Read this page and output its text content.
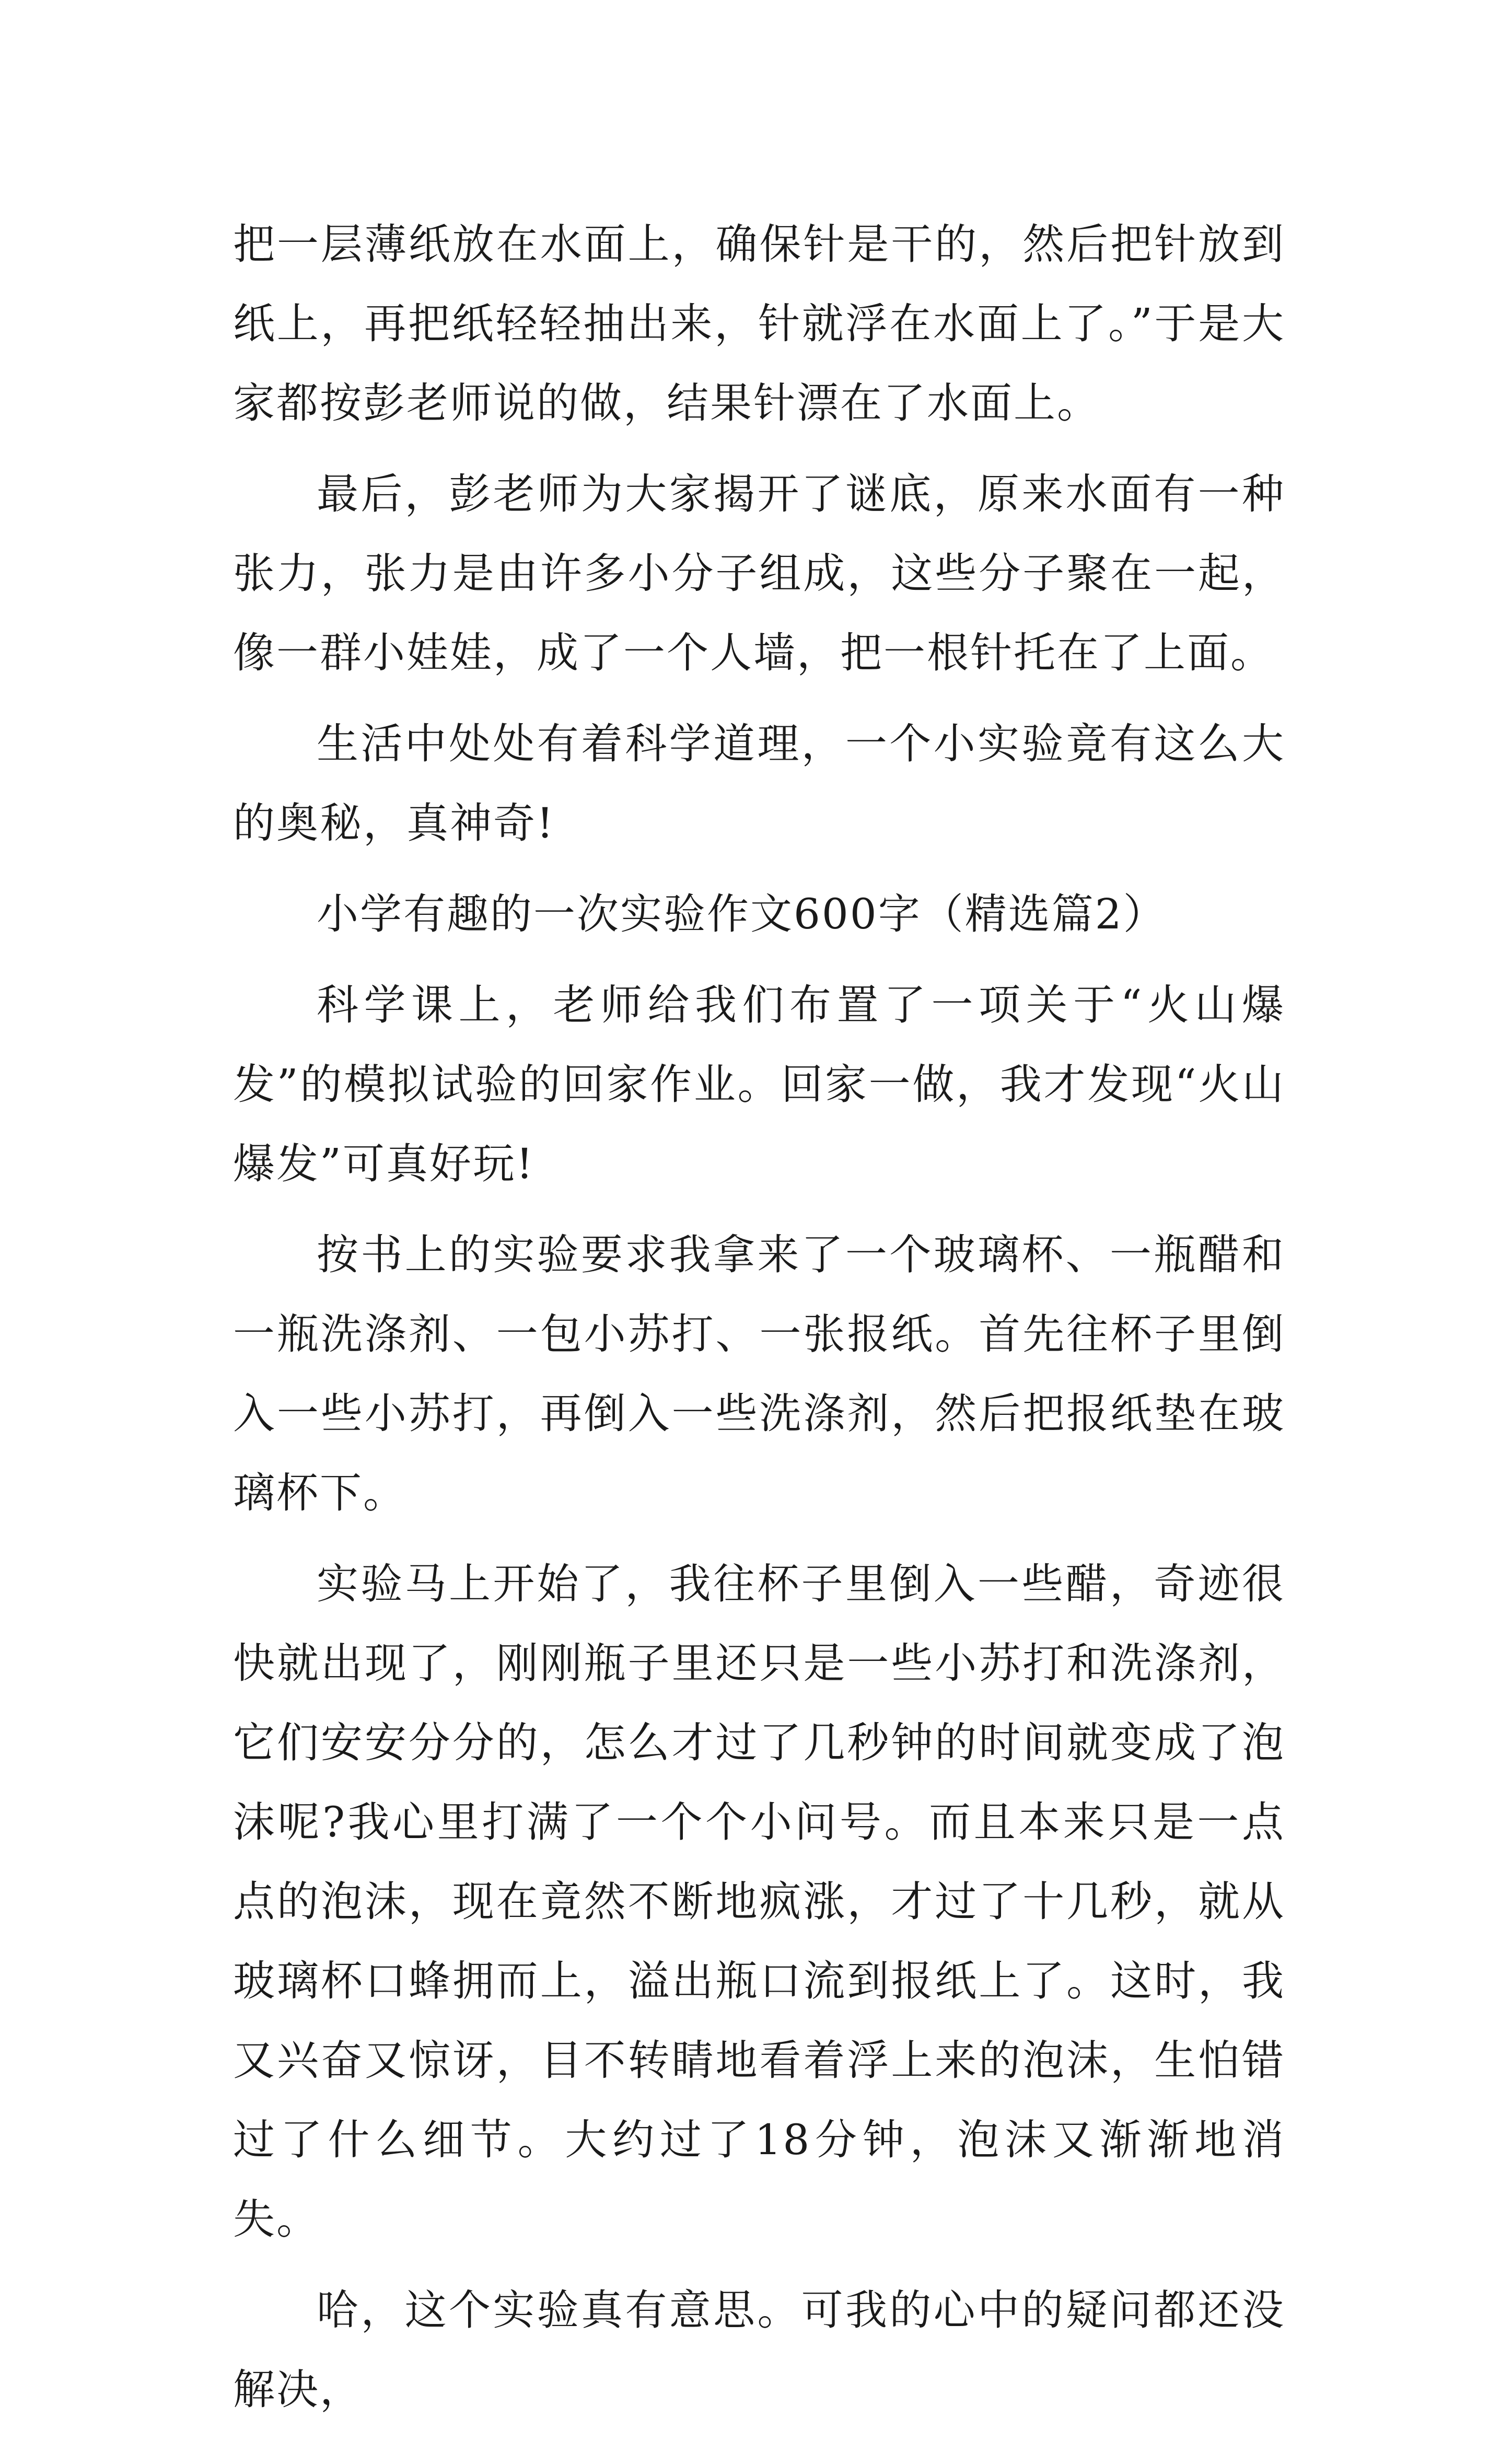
把一层薄纸放在水面上，确保针是干的，然后把针放到纸上，再把纸轻轻抽出来，针就浮在水面上了。”于是大家都按彭老师说的做，结果针漂在了水面上。

最后，彭老师为大家揭开了谜底，原来水面有一种张力，张力是由许多小分子组成，这些分子聚在一起，像一群小娃娃，成了一个人墙，把一根针托在了上面。

生活中处处有着科学道理，一个小实验竟有这么大的奥秘，真神奇!

小学有趣的一次实验作文600字（精选篇2）

科学课上，老师给我们布置了一项关于“火山爆发”的模拟试验的回家作业。回家一做，我才发现“火山爆发”可真好玩!

按书上的实验要求我拿来了一个玻璃杯、一瓶醋和一瓶洗涤剂、一包小苏打、一张报纸。首先往杯子里倒入一些小苏打，再倒入一些洗涤剂，然后把报纸垫在玻璃杯下。

实验马上开始了，我往杯子里倒入一些醋，奇迹很快就出现了，刚刚瓶子里还只是一些小苏打和洗涤剂，它们安安分分的，怎么才过了几秒钟的时间就变成了泡沫呢?我心里打满了一个个小问号。而且本来只是一点点的泡沫，现在竟然不断地疯涨，才过了十几秒，就从玻璃杯口蜂拥而上，溢出瓶口流到报纸上了。这时，我又兴奋又惊讶，目不转睛地看着浮上来的泡沫，生怕错过了什么细节。大约过了18分钟，泡沫又渐渐地消失。

哈，这个实验真有意思。可我的心中的疑问都还没解决，
